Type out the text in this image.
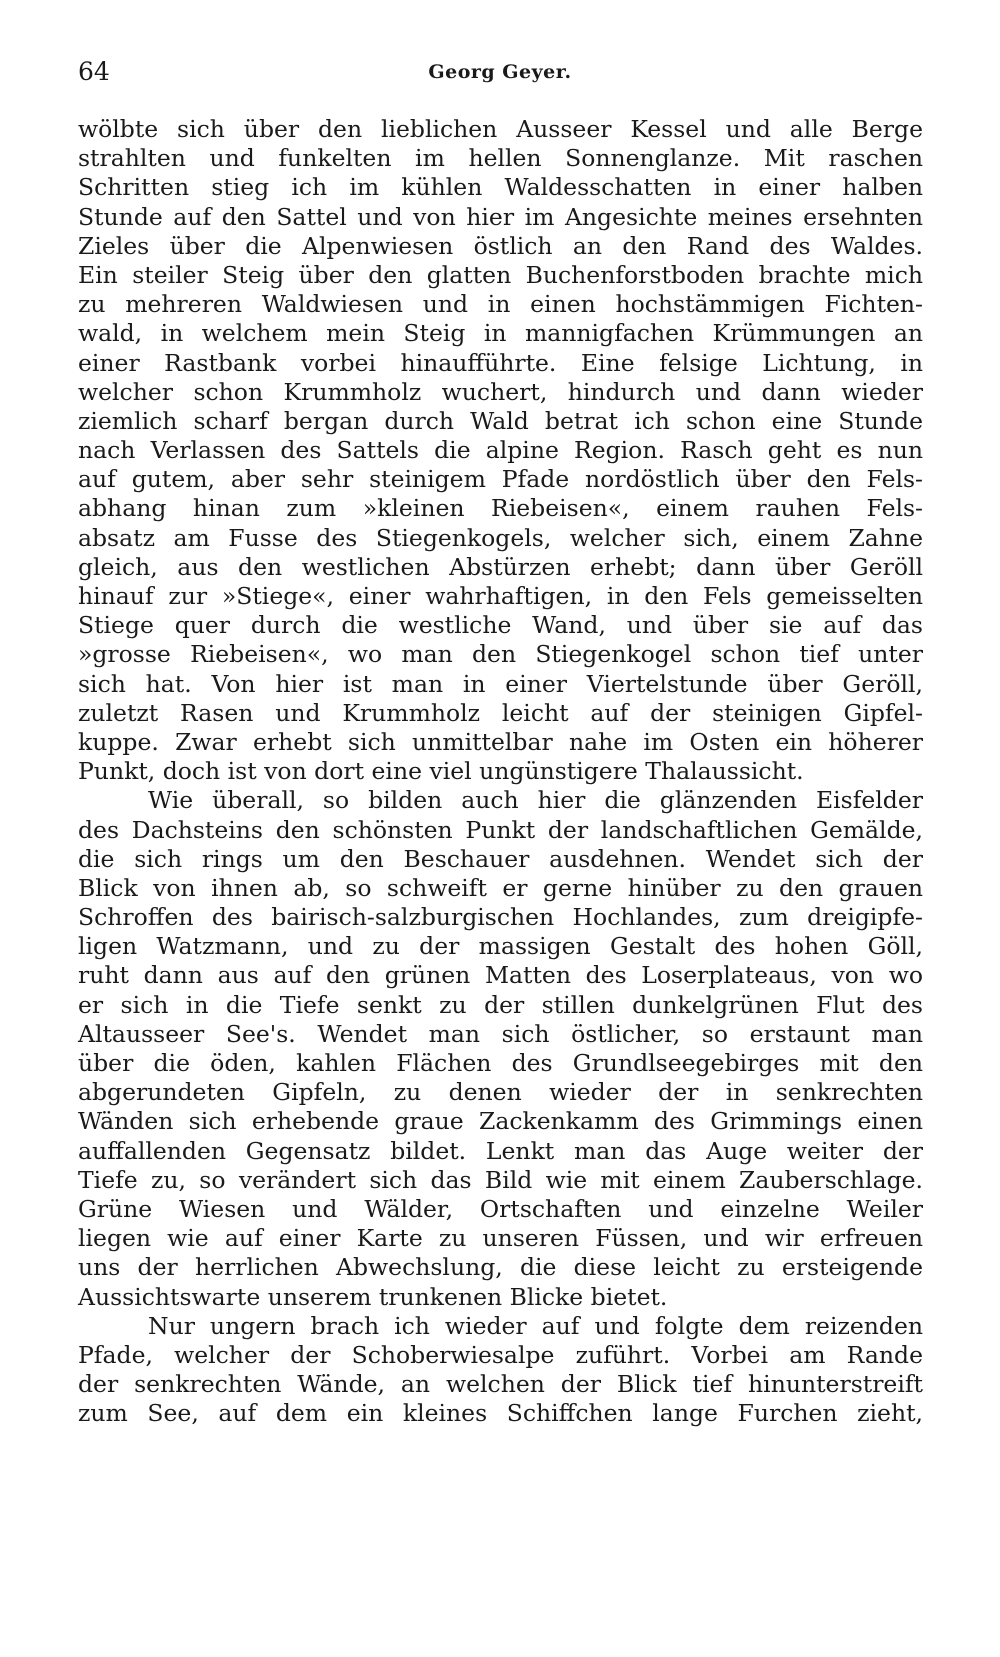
64	Georg Geyer.
wölbte sich über den lieblichen Ausseer Kessel und alle Berge
strahlten und funkelten im hellen Sonnenglanze. Mit raschen
Schritten stieg ich im kühlen Waldesschatten in einer halben
Stunde auf den Sattel und von hier im Angesichte meines ersehnten
Zieles über die Alpenwiesen östlich an den Rand des Waldes.
Ein steiler Steig über den glatten Buchenforstboden brachte mich
zu mehreren Waldwiesen und in einen hochstämmigen Fichten-
wald, in welchem mein Steig in mannigfachen Krümmungen an
einer Rastbank vorbei hinaufführte. Eine felsige Lichtung, in
welcher schon Krummholz wuchert, hindurch und dann wieder
ziemlich scharf bergan durch Wald betrat ich schon eine Stunde
nach Verlassen des Sattels die alpine Region. Rasch geht es nun
auf gutem, aber sehr steinigem Pfade nordöstlich über den Fels-
abhang hinan zum »kleinen Riebeisen«, einem rauhen Fels-
absatz am Fusse des Stiegenkogels, welcher sich, einem Zahne
gleich, aus den westlichen Abstürzen erhebt; dann über Geröll
hinauf zur »Stiege«, einer wahrhaftigen, in den Fels gemeisselten
Stiege quer durch die westliche Wand, und über sie auf das
»grosse Riebeisen«, wo man den Stiegenkogel schon tief unter
sich hat. Von hier ist man in einer Viertelstunde über Geröll,
zuletzt Rasen und Krummholz leicht auf der steinigen Gipfel-
kuppe. Zwar erhebt sich unmittelbar nahe im Osten ein höherer
Punkt, doch ist von dort eine viel ungünstigere Thalaussicht.
Wie überall, so bilden auch hier die glänzenden Eisfelder
des Dachsteins den schönsten Punkt der landschaftlichen Gemälde,
die sich rings um den Beschauer ausdehnen. Wendet sich der
Blick von ihnen ab, so schweift er gerne hinüber zu den grauen
Schroffen des bairisch-salzburgischen Hochlandes, zum dreigipfe-
ligen Watzmann, und zu der massigen Gestalt des hohen Göll,
ruht dann aus auf den grünen Matten des Loserplateaus, von wo
er sich in die Tiefe senkt zu der stillen dunkelgrünen Flut des
Altausseer See's. Wendet man sich östlicher, so erstaunt man
über die öden, kahlen Flächen des Grundlseegebirges mit den
abgerundeten Gipfeln, zu denen wieder der in senkrechten
Wänden sich erhebende graue Zackenkamm des Grimmings einen
auffallenden Gegensatz bildet. Lenkt man das Auge weiter der
Tiefe zu, so verändert sich das Bild wie mit einem Zauberschlage.
Grüne Wiesen und Wälder, Ortschaften und einzelne Weiler
liegen wie auf einer Karte zu unseren Füssen, und wir erfreuen
uns der herrlichen Abwechslung, die diese leicht zu ersteigende
Aussichtswarte unserem trunkenen Blicke bietet.
Nur ungern brach ich wieder auf und folgte dem reizenden
Pfade, welcher der Schoberwiesalpe zuführt. Vorbei am Rande
der senkrechten Wände, an welchen der Blick tief hinunterstreift
zum See, auf dem ein kleines Schiffchen lange Furchen zieht,
